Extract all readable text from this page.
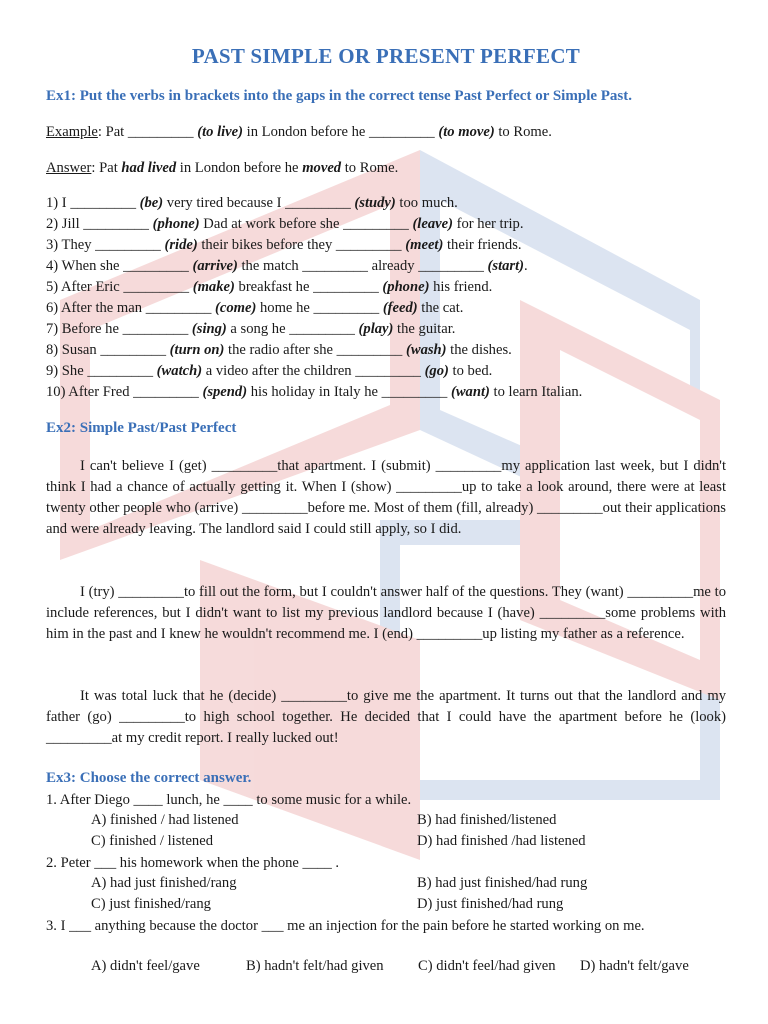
PAST SIMPLE OR PRESENT PERFECT
Ex1: Put the verbs in brackets into the gaps in the correct tense Past Perfect or Simple Past.
Example: Pat _________ (to live) in London before he _________ (to move) to Rome.
Answer: Pat had lived in London before he moved to Rome.
1) I _________ (be) very tired because I _________ (study) too much.
2) Jill _________ (phone) Dad at work before she _________ (leave) for her trip.
3) They _________ (ride) their bikes before they _________ (meet) their friends.
4) When she _________ (arrive) the match _________ already _________ (start).
5) After Eric _________ (make) breakfast he _________ (phone) his friend.
6) After the man _________ (come) home he _________ (feed) the cat.
7) Before he _________ (sing) a song he _________ (play) the guitar.
8) Susan _________ (turn on) the radio after she _________ (wash) the dishes.
9) She _________ (watch) a video after the children _________ (go) to bed.
10) After Fred _________ (spend) his holiday in Italy he _________ (want) to learn Italian.
Ex2: Simple Past/Past Perfect
I can't believe I (get) _________that apartment. I (submit) _________my application last week, but I didn't think I had a chance of actually getting it. When I (show) _________up to take a look around, there were at least twenty other people who (arrive) _________before me. Most of them (fill, already) _________out their applications and were already leaving. The landlord said I could still apply, so I did.
I (try) _________to fill out the form, but I couldn't answer half of the questions. They (want) _________me to include references, but I didn't want to list my previous landlord because I (have) _________some problems with him in the past and I knew he wouldn't recommend me. I (end) _________up listing my father as a reference.
It was total luck that he (decide) _________to give me the apartment. It turns out that the landlord and my father (go) _________to high school together. He decided that I could have the apartment before he (look) _________at my credit report. I really lucked out!
Ex3: Choose the correct answer.
1. After Diego ____ lunch, he ____ to some music for a while.
A) finished / had listened	B) had finished/listened
C) finished / listened	D) had finished /had listened
2. Peter ___ his homework when the phone ____ .
A) had just finished/rang	B) had just finished/had rung
C) just finished/rang	D) just finished/had rung
3. I ___ anything because the doctor ___ me an injection for the pain before he started working on me.
A) didn't feel/gave	B) hadn't felt/had given C) didn't feel/had given D) hadn't felt/gave
